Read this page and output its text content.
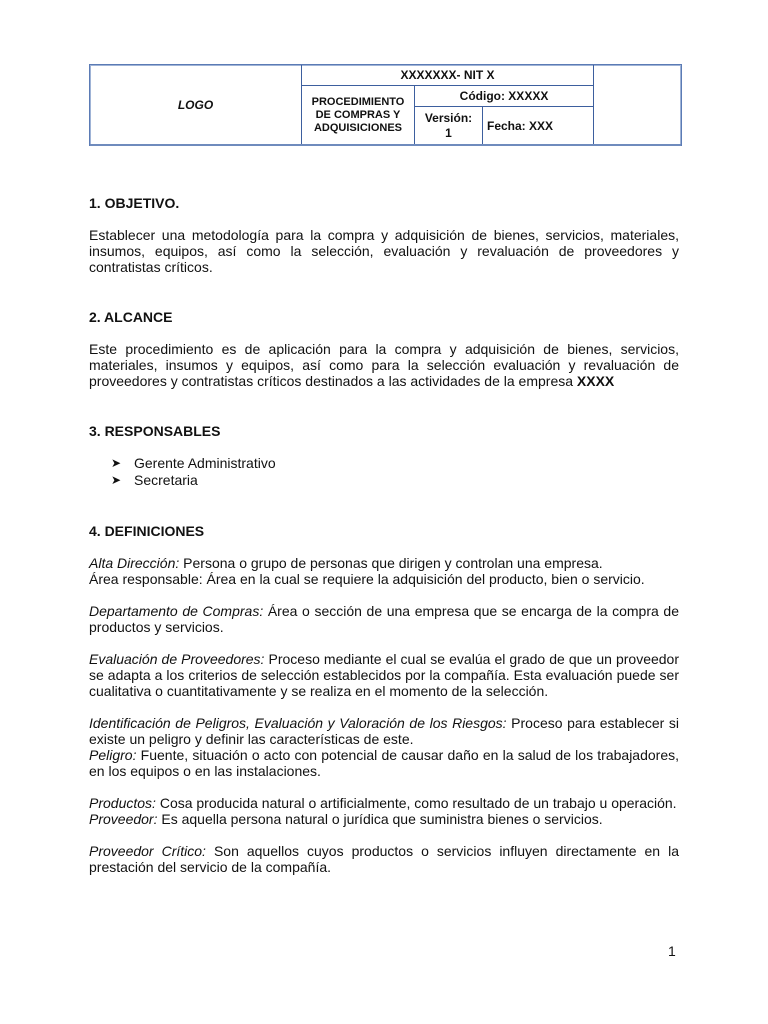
LOGO
XXXXXXX- NIT X
PROCEDIMIENTO
DE COMPRAS Y
ADQUISICIONES
Código: XXXXX
Versión:
1	Fecha: XXX

1. OBJETIVO.

Establecer una metodología para la compra y adquisición de bienes, servicios, materiales, insumos, equipos, así como la selección, evaluación y revaluación de proveedores y contratistas críticos.

2. ALCANCE

Este procedimiento es de aplicación para la compra y adquisición de bienes, servicios, materiales, insumos y equipos, así como para la selección evaluación y revaluación de proveedores y contratistas críticos destinados a las actividades de la empresa XXXX

3. RESPONSABLES

➤ Gerente Administrativo
➤ Secretaria

4. DEFINICIONES

Alta Dirección: Persona o grupo de personas que dirigen y controlan una empresa.

Área responsable: Área en la cual se requiere la adquisición del producto, bien o servicio.

Departamento de Compras: Área o sección de una empresa que se encarga de la compra de productos y servicios.

Evaluación de Proveedores: Proceso mediante el cual se evalúa el grado de que un proveedor se adapta a los criterios de selección establecidos por la compañía. Esta evaluación puede ser cualitativa o cuantitativamente y se realiza en el momento de la selección.

Identificación de Peligros, Evaluación y Valoración de los Riesgos: Proceso para establecer si existe un peligro y definir las características de este.

Peligro: Fuente, situación o acto con potencial de causar daño en la salud de los trabajadores, en los equipos o en las instalaciones.

Productos: Cosa producida natural o artificialmente, como resultado de un trabajo u operación.

Proveedor: Es aquella persona natural o jurídica que suministra bienes o servicios.

Proveedor Crítico: Son aquellos cuyos productos o servicios influyen directamente en la prestación del servicio de la compañía.

1
